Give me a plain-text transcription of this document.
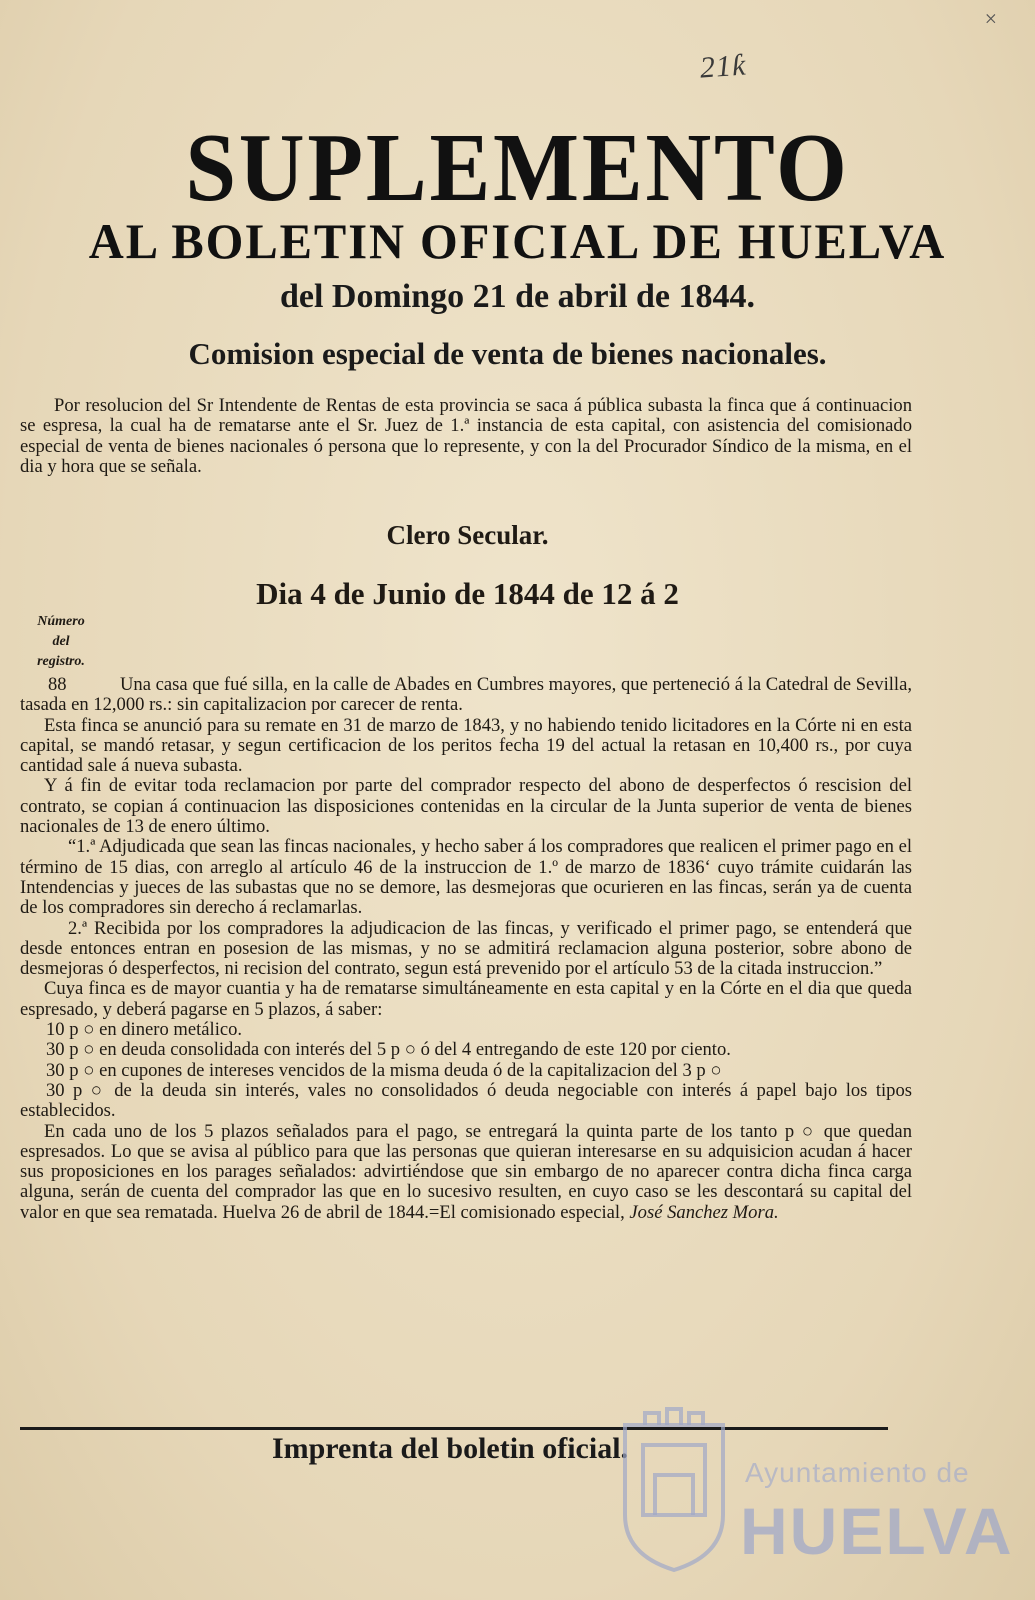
×
21ƙ
SUPLEMENTO
AL BOLETIN OFICIAL DE HUELVA
del Domingo 21 de abril de 1844.
Comision especial de venta de bienes nacionales.
Por resolucion del Sr Intendente de Rentas de esta provincia se saca á pública subasta la finca que á continuacion se espresa, la cual ha de rematarse ante el Sr. Juez de 1.ª instancia de esta capital, con asistencia del comisionado especial de venta de bienes nacionales ó persona que lo represente, y con la del Procurador Síndico de la misma, en el dia y hora que se señala.
Clero Secular.
Dia 4 de Junio de 1844 de 12 á 2
Número
del
registro.

88	Una casa que fué silla, en la calle de Abades en Cumbres mayores, que perteneció á la Catedral de Sevilla, tasada en 12,000 rs.: sin capitalizacion por carecer de renta.

Esta finca se anunció para su remate en 31 de marzo de 1843, y no habiendo tenido licitadores en la Córte ni en esta capital, se mandó retasar, y segun certificacion de los peritos fecha 19 del actual la retasan en 10,400 rs., por cuya cantidad sale á nueva subasta.

Y á fin de evitar toda reclamacion por parte del comprador respecto del abono de desperfectos ó rescision del contrato, se copian á continuacion las disposiciones contenidas en la circular de la Junta superior de venta de bienes nacionales de 13 de enero último.

“1.ª Adjudicada que sean las fincas nacionales, y hecho saber á los compradores que realicen el primer pago en el término de 15 dias, con arreglo al artículo 46 de la instruccion de 1.º de marzo de 1836‘ cuyo trámite cuidarán las Intendencias y jueces de las subastas que no se demore, las desmejoras que ocurieren en las fincas, serán ya de cuenta de los compradores sin derecho á reclamarlas.

2.ª Recibida por los compradores la adjudicacion de las fincas, y verificado el primer pago, se entenderá que desde entonces entran en posesion de las mismas, y no se admitirá reclamacion alguna posterior, sobre abono de desmejoras ó desperfectos, ni recision del contrato, segun está prevenido por el artículo 53 de la citada instruccion.”

Cuya finca es de mayor cuantia y ha de rematarse simultáneamente en esta capital y en la Córte en el dia que queda espresado, y deberá pagarse en 5 plazos, á saber:

10 p ○ en dinero metálico.

30 p ○ en deuda consolidada con interés del 5 p ○ ó del 4 entregando de este 120 por ciento.

30 p ○ en cupones de intereses vencidos de la misma deuda ó de la capitalizacion del 3 p ○

30 p ○ de la deuda sin interés, vales no consolidados ó deuda negociable con interés á papel bajo los tipos establecidos.

En cada uno de los 5 plazos señalados para el pago, se entregará la quinta parte de los tanto p ○ que quedan espresados. Lo que se avisa al público para que las personas que quieran interesarse en su adquisicion acudan á hacer sus proposiciones en los parages señalados: advirtiéndose que sin embargo de no aparecer contra dicha finca carga alguna, serán de cuenta del comprador las que en lo sucesivo resulten, en cuyo caso se les descontará su capital del valor en que sea rematada. Huelva 26 de abril de 1844.=El comisionado especial, José Sanchez Mora.

Imprenta del boletin oficial.
Ayuntamiento de
HUELVA
